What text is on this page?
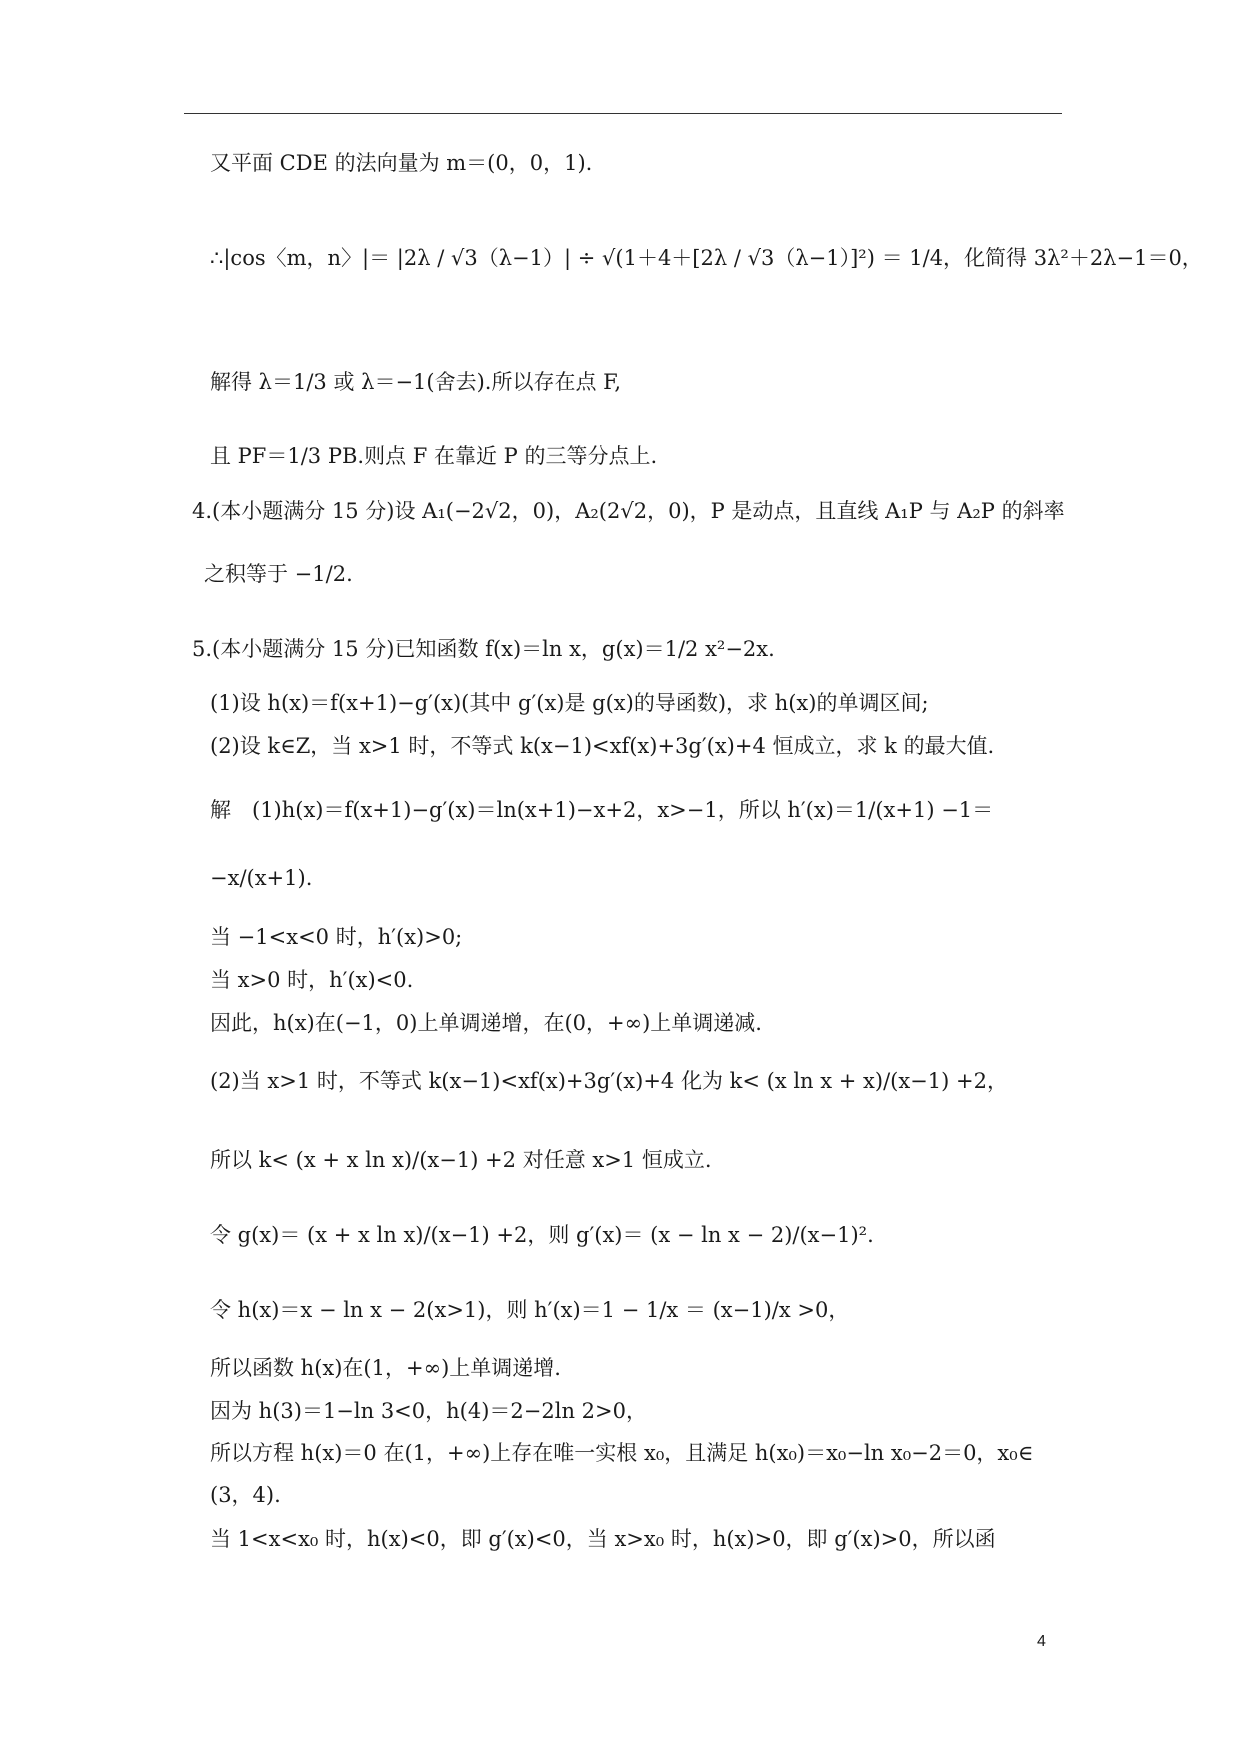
又平面 CDE 的法向量为 m＝(0，0，1).
∴|cos〈m，n〉|＝ |2λ / √3（λ−1）| ÷ √(1＋4＋[2λ / √3（λ−1）]²) ＝ 1/4，化简得 3λ²＋2λ−1＝0，
解得 λ＝1/3 或 λ＝−1(舍去).所以存在点 F,
且 PF＝1/3 PB.则点 F 在靠近 P 的三等分点上.
4.(本小题满分 15 分)设 A₁(−2√2，0)，A₂(2√2，0)，P 是动点，且直线 A₁P 与 A₂P 的斜率
之积等于 −1/2.
5.(本小题满分 15 分)已知函数 f(x)＝ln x，g(x)＝1/2 x²−2x.
(1)设 h(x)＝f(x+1)−g′(x)(其中 g′(x)是 g(x)的导函数)，求 h(x)的单调区间;
(2)设 k∈Z，当 x>1 时，不等式 k(x−1)<xf(x)+3g′(x)+4 恒成立，求 k 的最大值.
解　(1)h(x)＝f(x+1)−g′(x)＝ln(x+1)−x+2，x>−1，所以 h′(x)＝1/(x+1) −1＝
−x/(x+1).
当 −1<x<0 时，h′(x)>0;
当 x>0 时，h′(x)<0.
因此，h(x)在(−1，0)上单调递增，在(0，+∞)上单调递减.
(2)当 x>1 时，不等式 k(x−1)<xf(x)+3g′(x)+4 化为 k< (x ln x + x)/(x−1) +2，
所以 k< (x + x ln x)/(x−1) +2 对任意 x>1 恒成立.
令 g(x)＝ (x + x ln x)/(x−1) +2，则 g′(x)＝ (x − ln x − 2)/(x−1)².
令 h(x)＝x − ln x − 2(x>1)，则 h′(x)＝1 − 1/x ＝ (x−1)/x >0，
所以函数 h(x)在(1，+∞)上单调递增.
因为 h(3)＝1−ln 3<0，h(4)＝2−2ln 2>0，
所以方程 h(x)＝0 在(1，+∞)上存在唯一实根 x₀，且满足 h(x₀)＝x₀−ln x₀−2＝0，x₀∈
(3，4).
当 1<x<x₀ 时，h(x)<0，即 g′(x)<0，当 x>x₀ 时，h(x)>0，即 g′(x)>0，所以函
4
